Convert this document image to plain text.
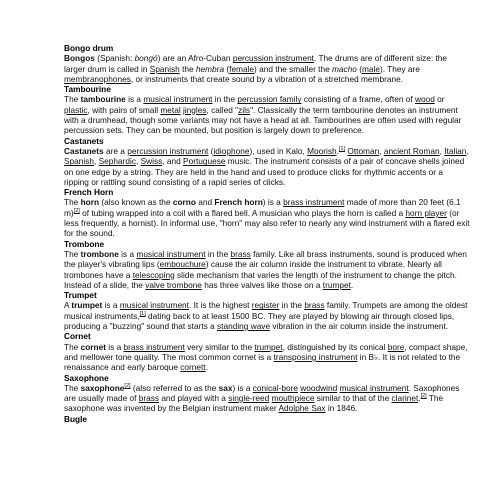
Bongo drum

Bongos (Spanish: bongó) are an Afro-Cuban percussion instrument. The drums are of different size: the larger drum is called in Spanish the hembra (female) and the smaller the macho (male). They are membranophones, or instruments that create sound by a vibration of a stretched membrane.

Tambourine

The tambourine is a musical instrument in the percussion family consisting of a frame, often of wood or plastic, with pairs of small metal jingles, called "zils". Classically the term tambourine denotes an instrument with a drumhead, though some variants may not have a head at all. Tambourines are often used with regular percussion sets. They can be mounted, but position is largely down to preference.

Castanets

Castanets are a percussion instrument (idiophone), used in Kalo, Moorish.[1] Ottoman, ancient Roman, Italian, Spanish, Sephardic, Swiss, and Portuguese music. The instrument consists of a pair of concave shells joined on one edge by a string. They are held in the hand and used to produce clicks for rhythmic accents or a ripping or rattling sound consisting of a rapid series of clicks.

French Horn

The horn (also known as the corno and French horn) is a brass instrument made of more than 20 feet (6.1 m)[2] of tubing wrapped into a coil with a flared bell. A musician who plays the horn is called a horn player (or less frequently, a hornist). In informal use, "horn" may also refer to nearly any wind instrument with a flared exit for the sound.

Trombone

The trombone is a musical instrument in the brass family. Like all brass instruments, sound is produced when the player's vibrating lips (embouchure) cause the air column inside the instrument to vibrate. Nearly all trombones have a telescoping slide mechanism that varies the length of the instrument to change the pitch. Instead of a slide, the valve trombone has three valves like those on a trumpet.

Trumpet

A trumpet is a musical instrument. It is the highest register in the brass family. Trumpets are among the oldest musical instruments,[1] dating back to at least 1500 BC. They are played by blowing air through closed lips, producing a "buzzing" sound that starts a standing wave vibration in the air column inside the instrument.

Cornet

The cornet is a brass instrument very similar to the trumpet, distinguished by its conical bore, compact shape, and mellower tone quality. The most common cornet is a transposing instrument in B♭. It is not related to the renaissance and early baroque cornett.

Saxophone

The saxophone[2] (also referred to as the sax) is a conical-bore woodwind musical instrument. Saxophones are usually made of brass and played with a single-reed mouthpiece similar to that of the clarinet.[2] The saxophone was invented by the Belgian instrument maker Adolphe Sax in 1846.

Bugle
